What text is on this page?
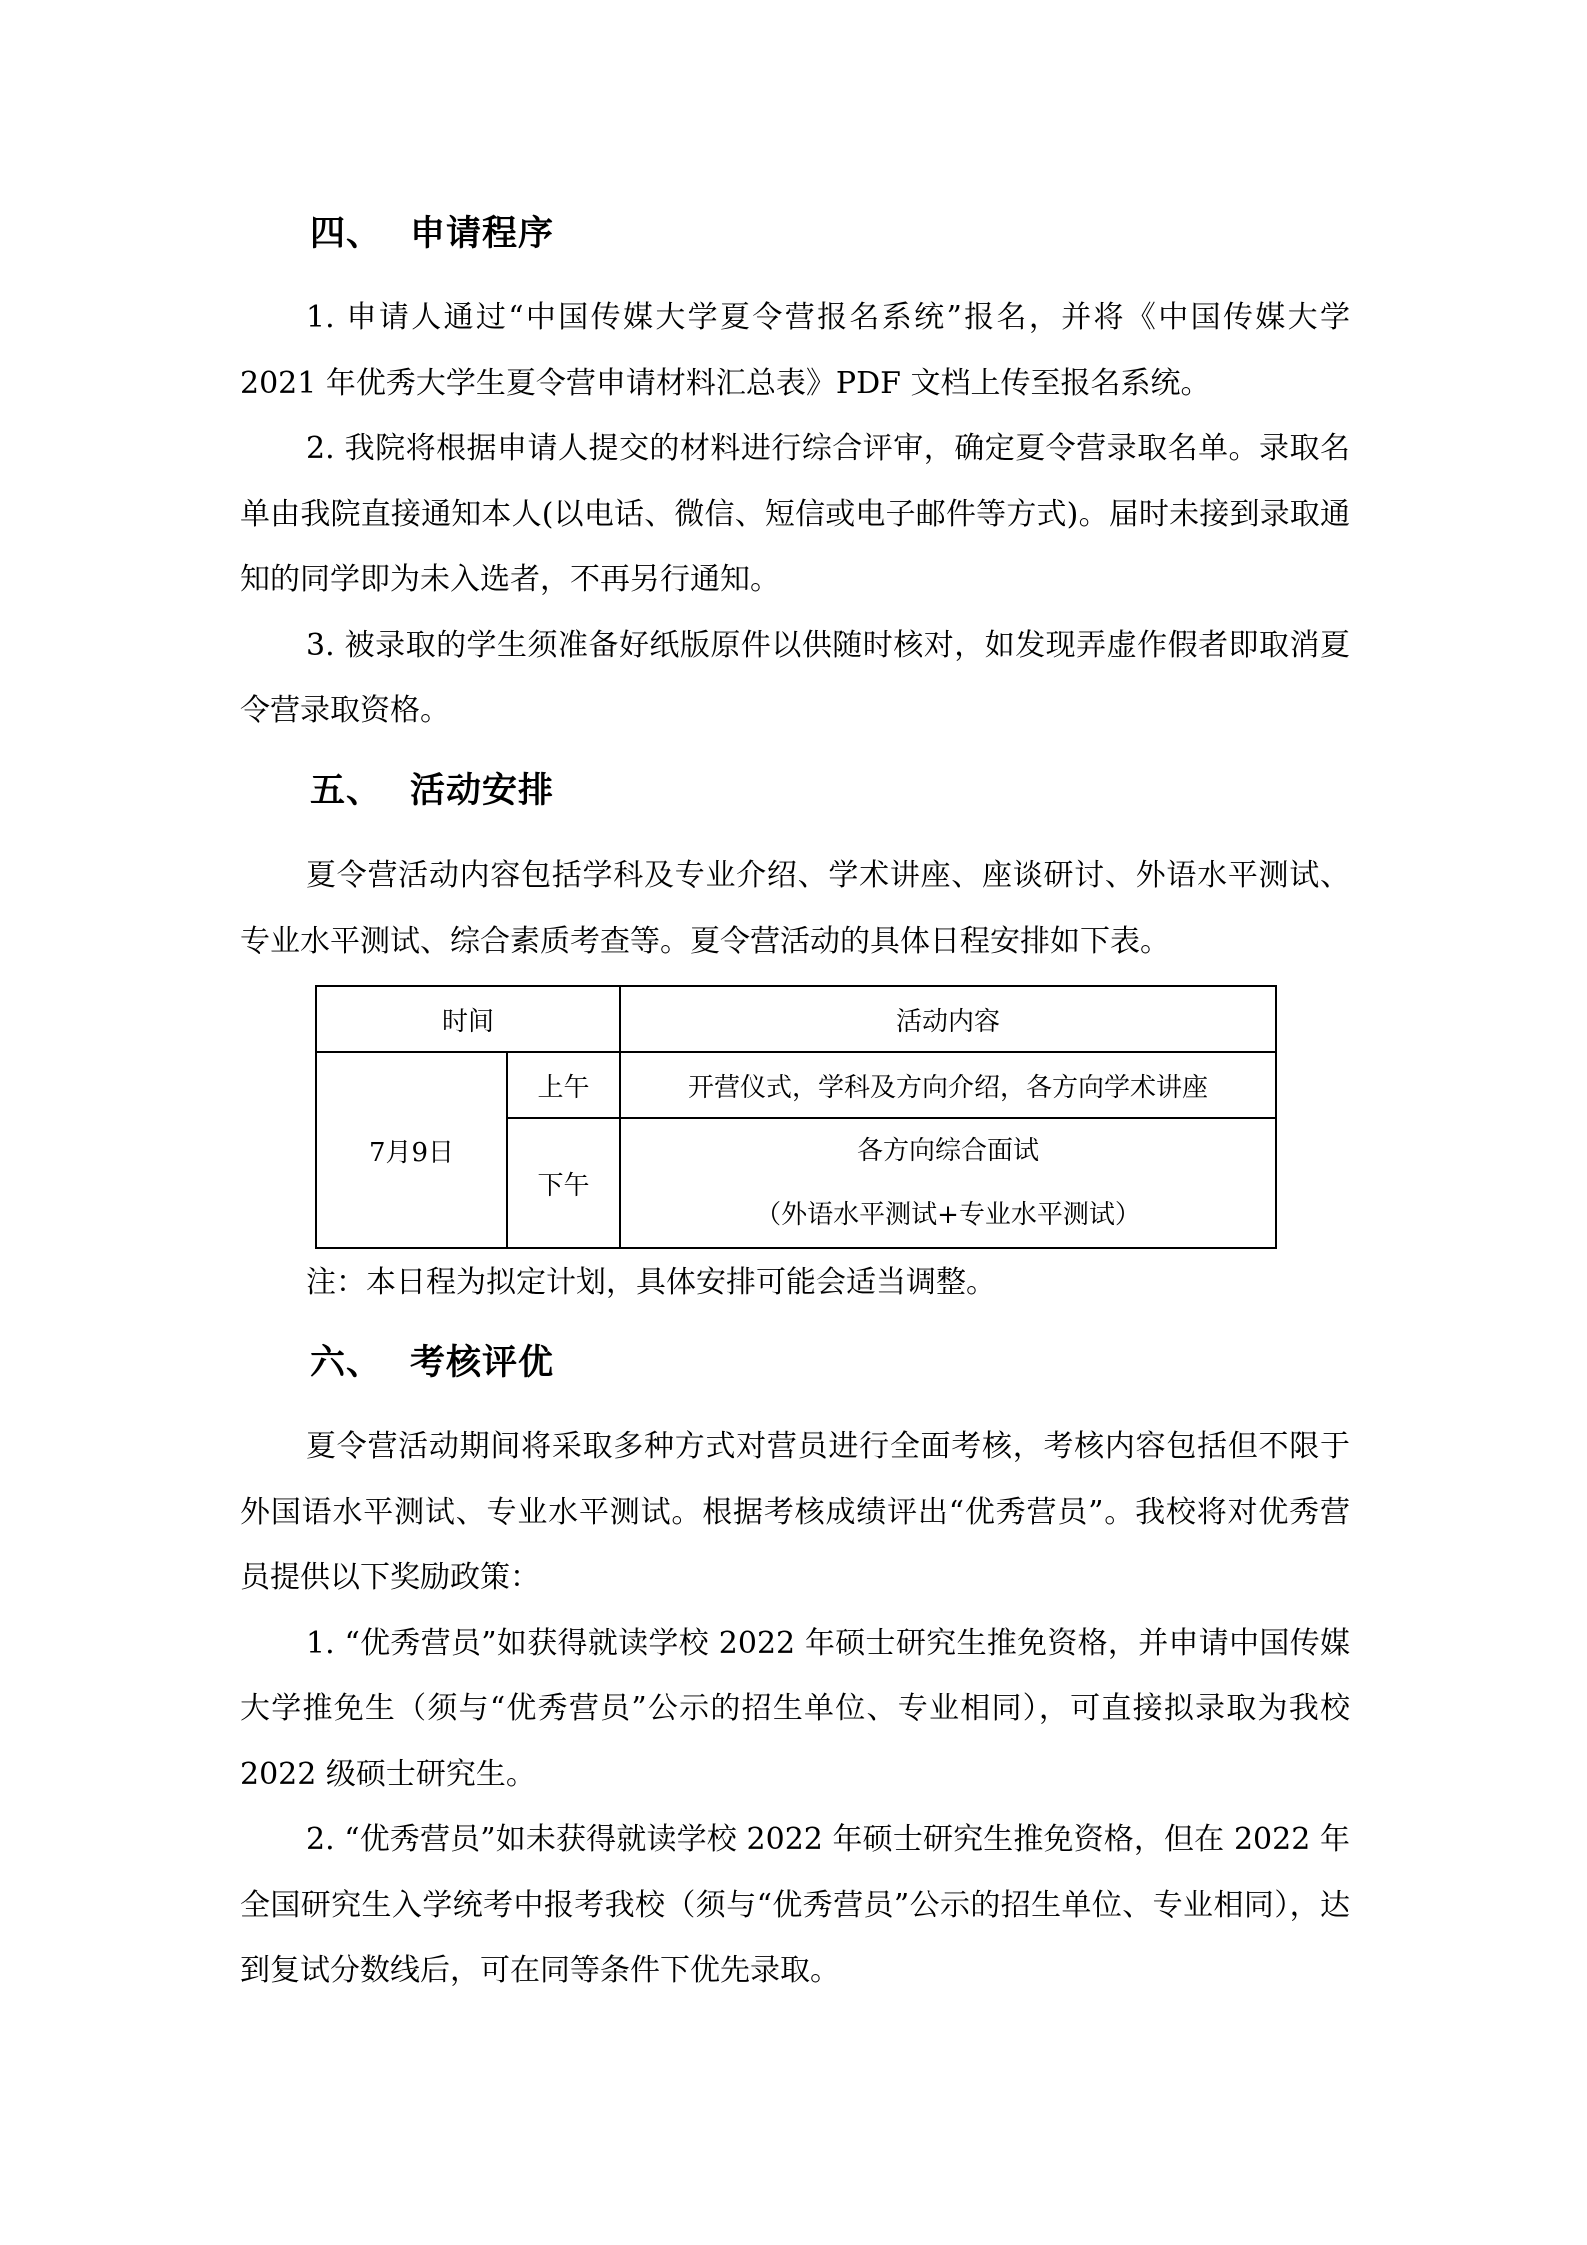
四、 申请程序

1. 申请人通过“中国传媒大学夏令营报名系统”报名，并将《中国传媒大学 2021 年优秀大学生夏令营申请材料汇总表》PDF 文档上传至报名系统。

2. 我院将根据申请人提交的材料进行综合评审，确定夏令营录取名单。录取名单由我院直接通知本人(以电话、微信、短信或电子邮件等方式)。届时未接到录取通知的同学即为未入选者，不再另行通知。

3. 被录取的学生须准备好纸版原件以供随时核对，如发现弄虚作假者即取消夏令营录取资格。

五、 活动安排

夏令营活动内容包括学科及专业介绍、学术讲座、座谈研讨、外语水平测试、专业水平测试、综合素质考查等。夏令营活动的具体日程安排如下表。

时间		活动内容
7月9日	上午	开营仪式，学科及方向介绍，各方向学术讲座
	下午	各方向综合面试
（外语水平测试+专业水平测试）
注：本日程为拟定计划，具体安排可能会适当调整。
六、 考核评优

夏令营活动期间将采取多种方式对营员进行全面考核，考核内容包括但不限于外国语水平测试、专业水平测试。根据考核成绩评出“优秀营员”。我校将对优秀营员提供以下奖励政策：

1. “优秀营员”如获得就读学校 2022 年硕士研究生推免资格，并申请中国传媒大学推免生（须与“优秀营员”公示的招生单位、专业相同），可直接拟录取为我校 2022 级硕士研究生。

2. “优秀营员”如未获得就读学校 2022 年硕士研究生推免资格，但在 2022 年全国研究生入学统考中报考我校（须与“优秀营员”公示的招生单位、专业相同），达到复试分数线后，可在同等条件下优先录取。
